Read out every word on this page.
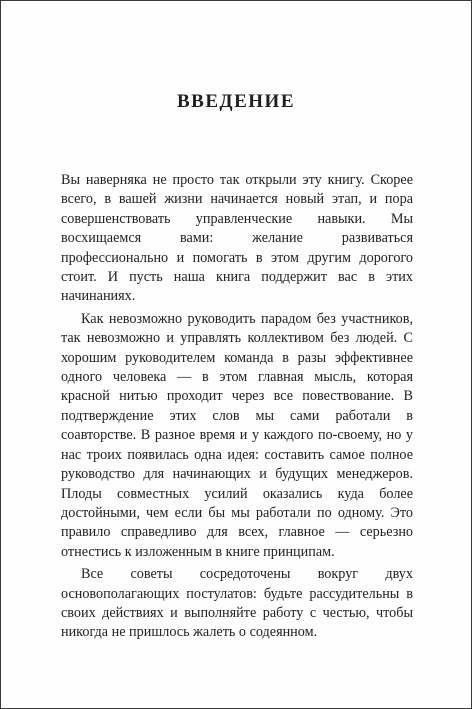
ВВЕДЕНИЕ

Вы наверняка не просто так открыли эту книгу. Скорее всего, в вашей жизни начинается новый этап, и пора совершенствовать управленческие навыки. Мы восхищаемся вами: желание развиваться профессионально и помогать в этом другим дорогого стоит. И пусть наша книга поддержит вас в этих начинаниях.

Как невозможно руководить парадом без участников, так невозможно и управлять коллективом без людей. С хорошим руководителем команда в разы эффективнее одного человека — в этом главная мысль, которая красной нитью проходит через все повествование. В подтверждение этих слов мы сами работали в соавторстве. В разное время и у каждого по-своему, но у нас троих появилась одна идея: составить самое полное руководство для начинающих и будущих менеджеров. Плоды совместных усилий оказались куда более достойными, чем если бы мы работали по одному. Это правило справедливо для всех, главное — серьезно отнестись к изложенным в книге принципам.

Все советы сосредоточены вокруг двух основополагающих постулатов: будьте рассудительны в своих действиях и выполняйте работу с честью, чтобы никогда не пришлось жалеть о содеянном.
